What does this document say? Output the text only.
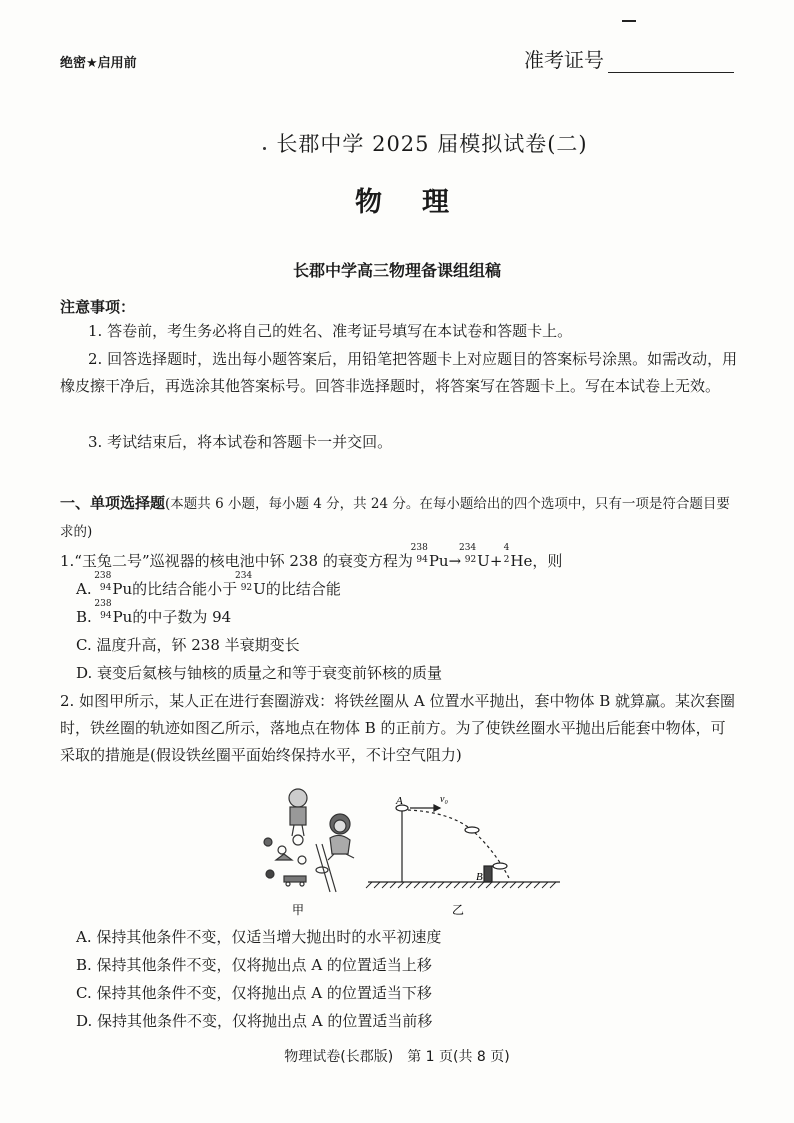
绝密★启用前	准考证号
长郡中学 2025 届模拟试卷(二)
物理
长郡中学高三物理备课组组稿
注意事项：
1. 答卷前，考生务必将自己的姓名、准考证号填写在本试卷和答题卡上。
2. 回答选择题时，选出每小题答案后，用铅笔把答题卡上对应题目的答案标号涂黑。如需改动，用橡皮擦干净后，再选涂其他答案标号。回答非选择题时，将答案写在答题卡上。写在本试卷上无效。
3. 考试结束后，将本试卷和答题卡一并交回。
一、单项选择题(本题共 6 小题，每小题 4 分，共 24 分。在每小题给出的四个选项中，只有一项是符合题目要求的)
1.“玉兔二号”巡视器的核电池中钚 238 的衰变方程为
238
94 Pu→
234
92 U+
4
2 He，则
A.
238
94 Pu的比结合能小于
234
92 U的比结合能
B.
238
94 Pu的中子数为 94
C. 温度升高，钚 238 半衰期变长
D. 衰变后氦核与铀核的质量之和等于衰变前钚核的质量
2. 如图甲所示，某人正在进行套圈游戏：将铁丝圈从 A 位置水平抛出，套中物体 B 就算赢。某次套圈时，铁丝圈的轨迹如图乙所示，落地点在物体 B 的正前方。为了使铁丝圈水平抛出后能套中物体，可采取的措施是(假设铁丝圈平面始终保持水平，不计空气阻力)
A	v₀
B
甲	乙
A. 保持其他条件不变，仅适当增大抛出时的水平初速度
B. 保持其他条件不变，仅将抛出点 A 的位置适当上移
C. 保持其他条件不变，仅将抛出点 A 的位置适当下移
D. 保持其他条件不变，仅将抛出点 A 的位置适当前移
物理试卷(长郡版)　第 1 页(共 8 页)
